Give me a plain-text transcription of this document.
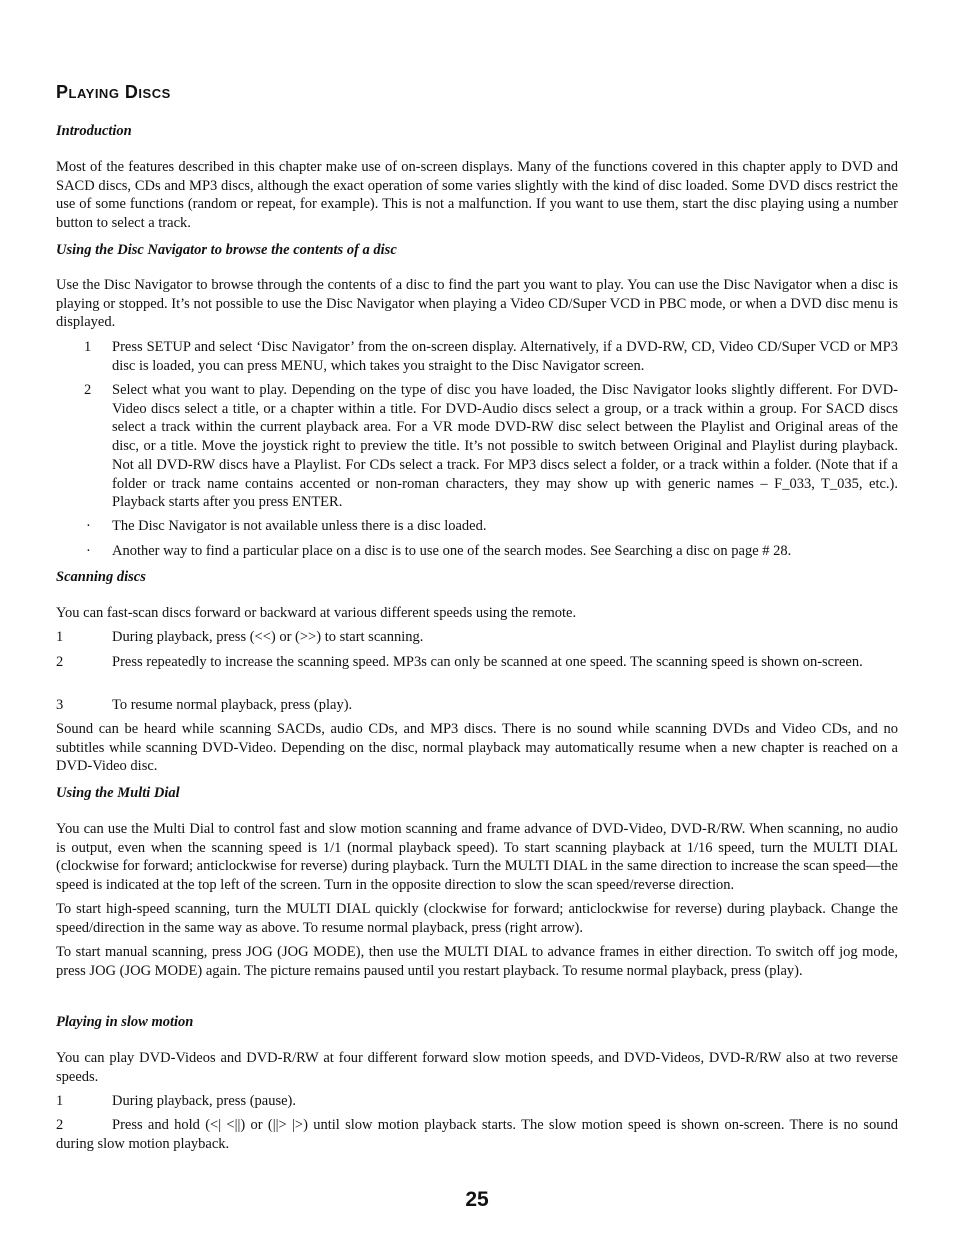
Playing Discs
Introduction

Most of the features described in this chapter make use of on-screen displays. Many of the functions covered in this chapter apply to DVD and SACD discs, CDs and MP3 discs, although the exact operation of some varies slightly with the kind of disc loaded. Some DVD discs restrict the use of some functions (random or repeat, for example). This is not a malfunction. If you want to use them, start the disc playing using a number button to select a track.

Using the Disc Navigator to browse the contents of a disc

Use the Disc Navigator to browse through the contents of a disc to find the part you want to play. You can use the Disc Navigator when a disc is playing or stopped. It’s not possible to use the Disc Navigator when playing a Video CD/Super VCD in PBC mode, or when a DVD disc menu is displayed.

1 Press SETUP and select ‘Disc Navigator’ from the on-screen display. Alternatively, if a DVD-RW, CD, Video CD/Super VCD or MP3 disc is loaded, you can press MENU, which takes you straight to the Disc Navigator screen.
2 Select what you want to play. Depending on the type of disc you have loaded, the Disc Navigator looks slightly different. For DVD-Video discs select a title, or a chapter within a title. For DVD-Audio discs select a group, or a track within a group. For SACD discs select a track within the current playback area. For a VR mode DVD-RW disc select between the Playlist and Original areas of the disc, or a title. Move the joystick right to preview the title. It’s not possible to switch between Original and Playlist during playback. Not all DVD-RW discs have a Playlist. For CDs select a track. For MP3 discs select a folder, or a track within a folder. (Note that if a folder or track name contains accented or non-roman characters, they may show up with generic names – F_033, T_035, etc.). Playback starts after you press ENTER.
· The Disc Navigator is not available unless there is a disc loaded.
· Another way to find a particular place on a disc is to use one of the search modes. See Searching a disc on page # 28.
Scanning discs

You can fast-scan discs forward or backward at various different speeds using the remote.

1	During playback, press (<<) or (>>) to start scanning.
2	Press repeatedly to increase the scanning speed. MP3s can only be scanned at one speed. The scanning speed is shown on-screen.
3	To resume normal playback, press (play).

Sound can be heard while scanning SACDs, audio CDs, and MP3 discs. There is no sound while scanning DVDs and Video CDs, and no subtitles while scanning DVD-Video. Depending on the disc, normal playback may automatically resume when a new chapter is reached on a DVD-Video disc.

Using the Multi Dial

You can use the Multi Dial to control fast and slow motion scanning and frame advance of DVD-Video, DVD-R/RW. When scanning, no audio is output, even when the scanning speed is 1/1 (normal playback speed). To start scanning playback at 1/16 speed, turn the MULTI DIAL (clockwise for forward; anticlockwise for reverse) during playback. Turn the MULTI DIAL in the same direction to increase the scan speed—the speed is indicated at the top left of the screen. Turn in the opposite direction to slow the scan speed/reverse direction.

To start high-speed scanning, turn the MULTI DIAL quickly (clockwise for forward; anticlockwise for reverse) during playback. Change the speed/direction in the same way as above. To resume normal playback, press (right arrow).

To start manual scanning, press JOG (JOG MODE), then use the MULTI DIAL to advance frames in either direction. To switch off jog mode, press JOG (JOG MODE) again. The picture remains paused until you restart playback. To resume normal playback, press (play).

Playing in slow motion

You can play DVD-Videos and DVD-R/RW at four different forward slow motion speeds, and DVD-Videos, DVD-R/RW also at two reverse speeds.

1	During playback, press (pause).
2	Press and hold (<| <||) or (||> |>) until slow motion playback starts. The slow motion speed is shown on-screen. There is no sound during slow motion playback.
25
